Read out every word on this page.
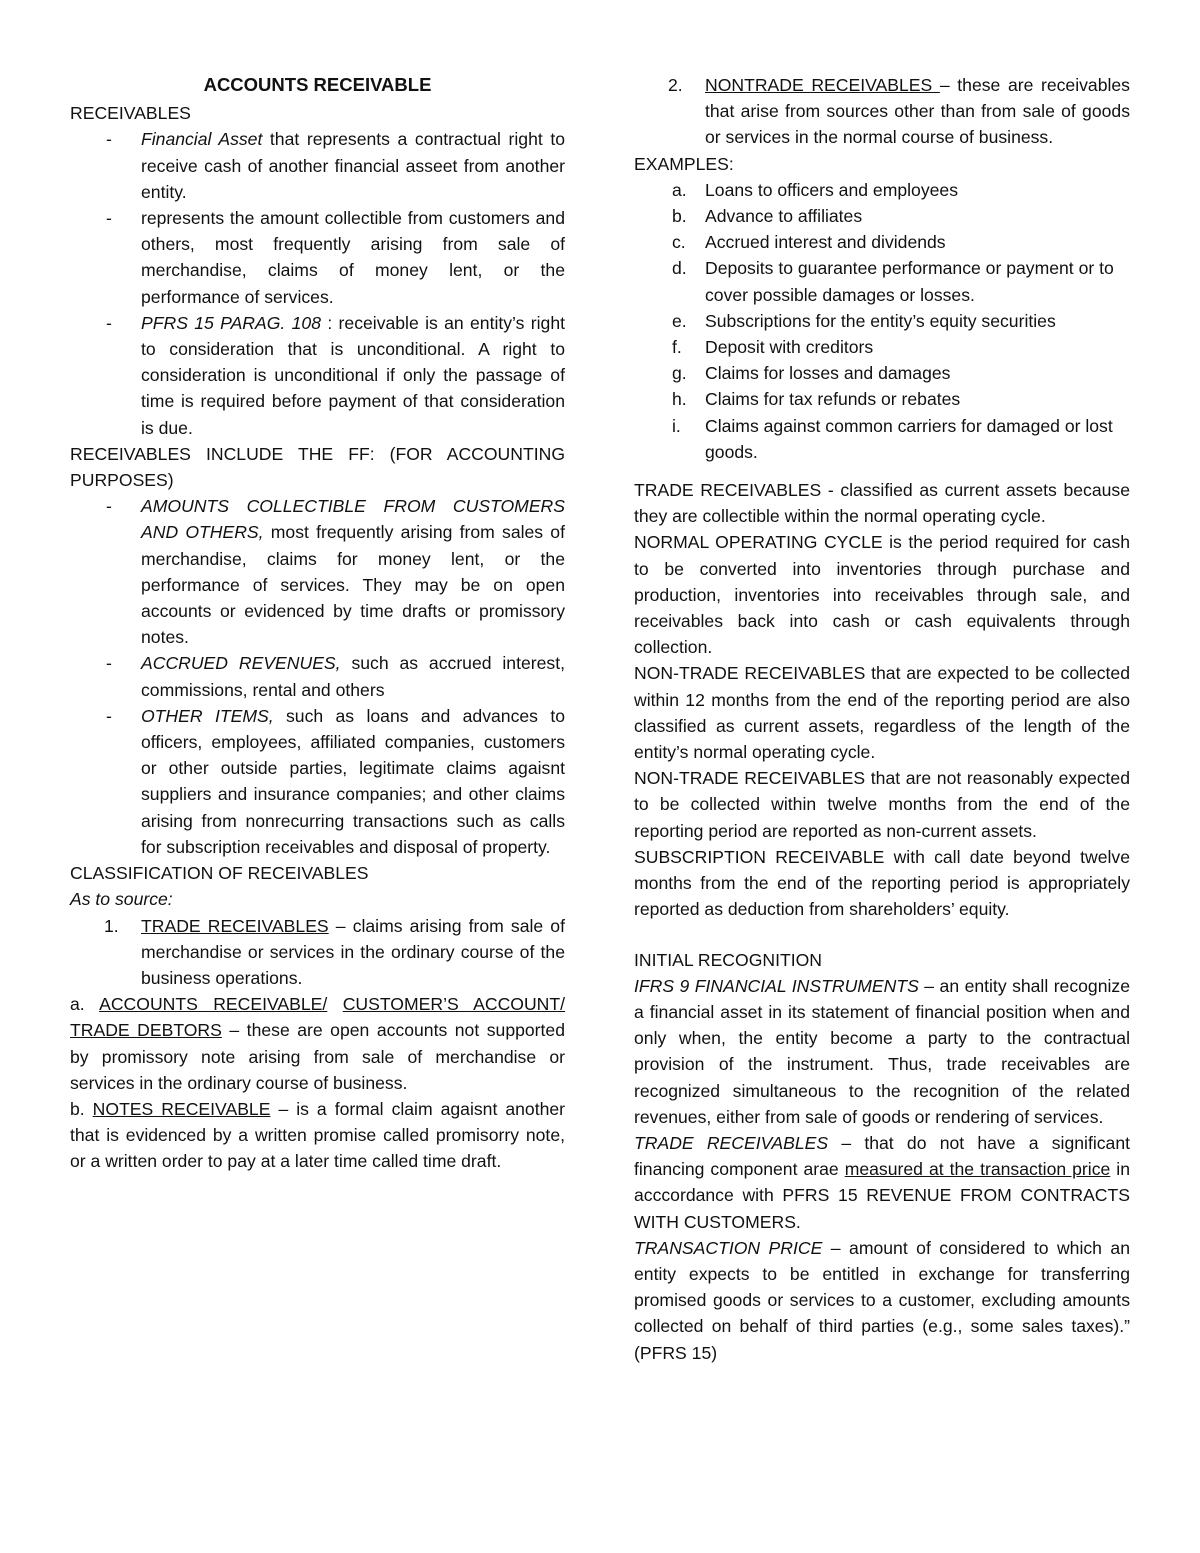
ACCOUNTS RECEIVABLE

RECEIVABLES

- Financial Asset that represents a contractual right to receive cash of another financial asseet from another entity.

- represents the amount collectible from customers and others, most frequently arising from sale of merchandise, claims of money lent, or the performance of services.

- PFRS 15 PARAG. 108 : receivable is an entity’s right to consideration that is unconditional. A right to consideration is unconditional if only the passage of time is required before payment of that consideration is due.

RECEIVABLES INCLUDE THE FF: (FOR ACCOUNTING PURPOSES)

- AMOUNTS COLLECTIBLE FROM CUSTOMERS AND OTHERS, most frequently arising from sales of merchandise, claims for money lent, or the performance of services. They may be on open accounts or evidenced by time drafts or promissory notes.

- ACCRUED REVENUES, such as accrued interest, commissions, rental and others

- OTHER ITEMS, such as loans and advances to officers, employees, affiliated companies, customers or other outside parties, legitimate claims agaisnt suppliers and insurance companies; and other claims arising from nonrecurring transactions such as calls for subscription receivables and disposal of property.

CLASSIFICATION OF RECEIVABLES

As to source:

1. TRADE RECEIVABLES – claims arising from sale of merchandise or services in the ordinary course of the business operations.

a. ACCOUNTS RECEIVABLE/ CUSTOMER’S ACCOUNT/ TRADE DEBTORS – these are open accounts not supported by promissory note arising from sale of merchandise or services in the ordinary course of business.

b. NOTES RECEIVABLE – is a formal claim agaisnt another that is evidenced by a written promise called promisorry note, or a written order to pay at a later time called time draft.

2. NONTRADE RECEIVABLES – these are receivables that arise from sources other than from sale of goods or services in the normal course of business.

EXAMPLES:

a. Loans to officers and employees

b. Advance to affiliates

c. Accrued interest and dividends

d. Deposits to guarantee performance or payment or to cover possible damages or losses.

e. Subscriptions for the entity’s equity securities

f. Deposit with creditors

g. Claims for losses and damages

h. Claims for tax refunds or rebates

i. Claims against common carriers for damaged or lost goods.

TRADE RECEIVABLES - classified as current assets because they are collectible within the normal operating cycle.

NORMAL OPERATING CYCLE is the period required for cash to be converted into inventories through purchase and production, inventories into receivables through sale, and receivables back into cash or cash equivalents through collection.

NON-TRADE RECEIVABLES that are expected to be collected within 12 months from the end of the reporting period are also classified as current assets, regardless of the length of the entity’s normal operating cycle.

NON-TRADE RECEIVABLES that are not reasonably expected to be collected within twelve months from the end of the reporting period are reported as non-current assets.

SUBSCRIPTION RECEIVABLE with call date beyond twelve months from the end of the reporting period is appropriately reported as deduction from shareholders’ equity.

INITIAL RECOGNITION

IFRS 9 FINANCIAL INSTRUMENTS – an entity shall recognize a financial asset in its statement of financial position when and only when, the entity become a party to the contractual provision of the instrument. Thus, trade receivables are recognized simultaneous to the recognition of the related revenues, either from sale of goods or rendering of services.

TRADE RECEIVABLES – that do not have a significant financing component arae measured at the transaction price in acccordance with PFRS 15 REVENUE FROM CONTRACTS WITH CUSTOMERS.

TRANSACTION PRICE – amount of considered to which an entity expects to be entitled in exchange for transferring promised goods or services to a customer, excluding amounts collected on behalf of third parties (e.g., some sales taxes).” (PFRS 15)
